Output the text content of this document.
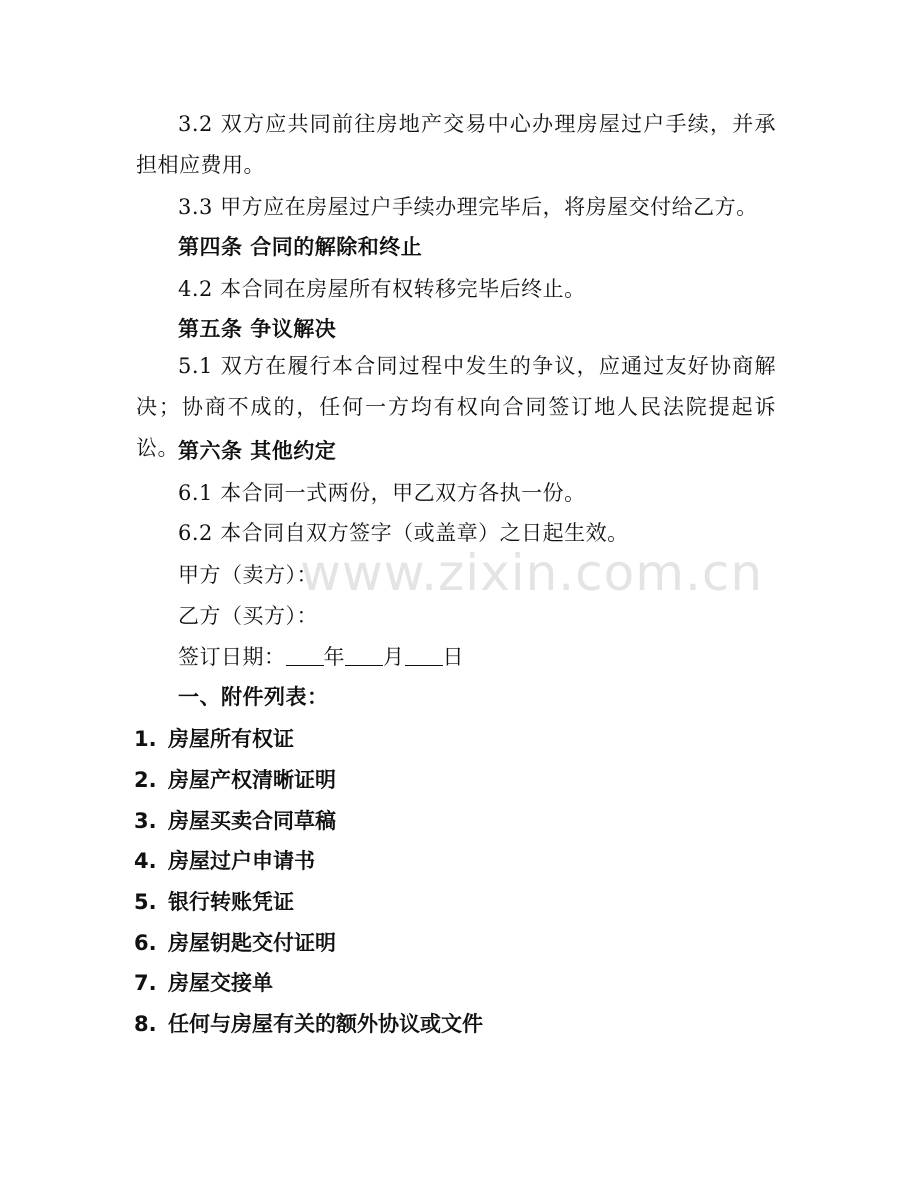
3.2 双方应共同前往房地产交易中心办理房屋过户手续，并承担相应费用。
3.3 甲方应在房屋过户手续办理完毕后，将房屋交付给乙方。
第四条 合同的解除和终止
4.2 本合同在房屋所有权转移完毕后终止。
第五条 争议解决
5.1 双方在履行本合同过程中发生的争议，应通过友好协商解决；协商不成的，任何一方均有权向合同签订地人民法院提起诉讼。 第六条 其他约定
6.1 本合同一式两份，甲乙双方各执一份。
6.2 本合同自双方签字（或盖章）之日起生效。
甲方（卖方）：
乙方（买方）：
签订日期： 年 月 日
一、附件列表：
1. 房屋所有权证
2. 房屋产权清晰证明
3. 房屋买卖合同草稿
4. 房屋过户申请书
5. 银行转账凭证
6. 房屋钥匙交付证明
7. 房屋交接单
8. 任何与房屋有关的额外协议或文件
www.zixin.com.cn
